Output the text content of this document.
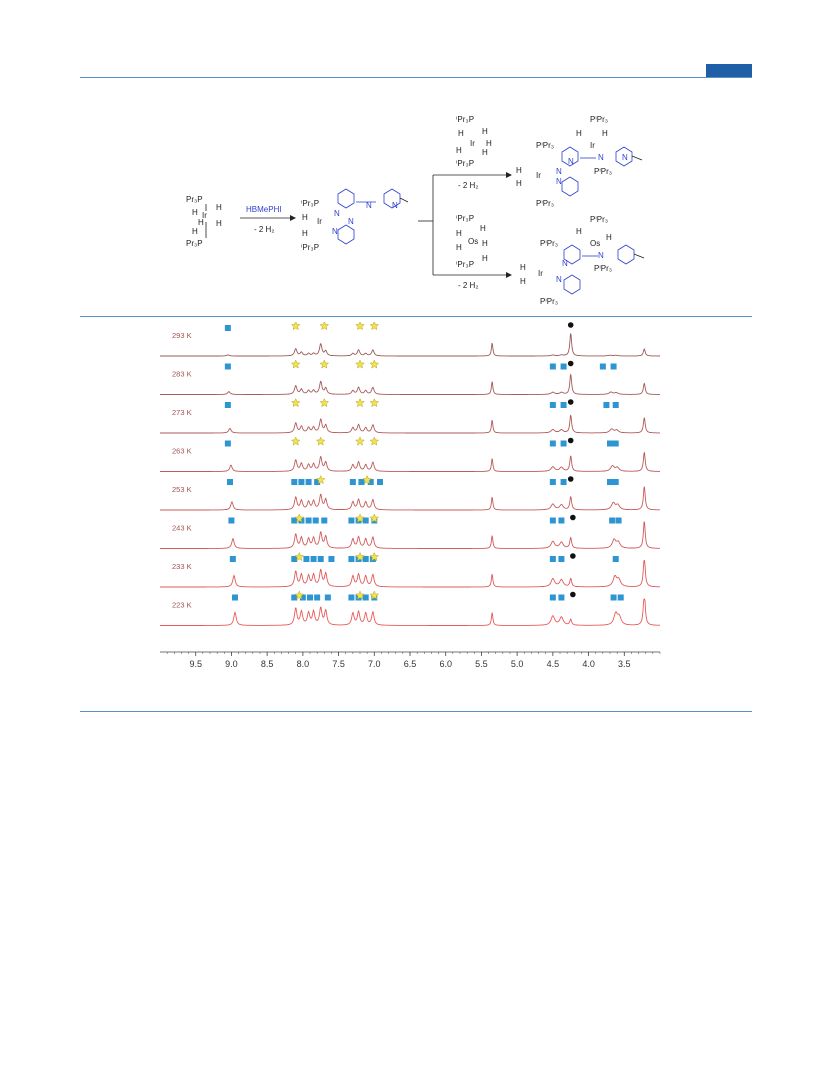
Pr₃P
H Ir
H
H
H
H
Pr₃P
HBMePHI
- 2 H₂
ⁱPr₃P
H Ir
H
ⁱPr₃P
N
N
N
N
N
- 2 H₂
- 2 H₂
ⁱPr₃P
H
Ir
H
H
H	H
ⁱPr₃P
ⁱPr₃P
H
H
Os H
H
H
ⁱPr₃P
PⁱPr₃
H
Ir
H
PⁱPr₃
N
N
N
N
N
PⁱPr₃
H
Ir
H
PⁱPr₃
PⁱPr₃
H
Os
H
PⁱPr₃
N
N
N
PⁱPr₃
H
Ir
H
PⁱPr₃
9.5	9.0	8.5	8.0	7.5	7.0	6.5	6.0	5.5	5.0	4.5	4.0	3.5
293 K
283 K
273 K
263 K
253 K
243 K
233 K
223 K
